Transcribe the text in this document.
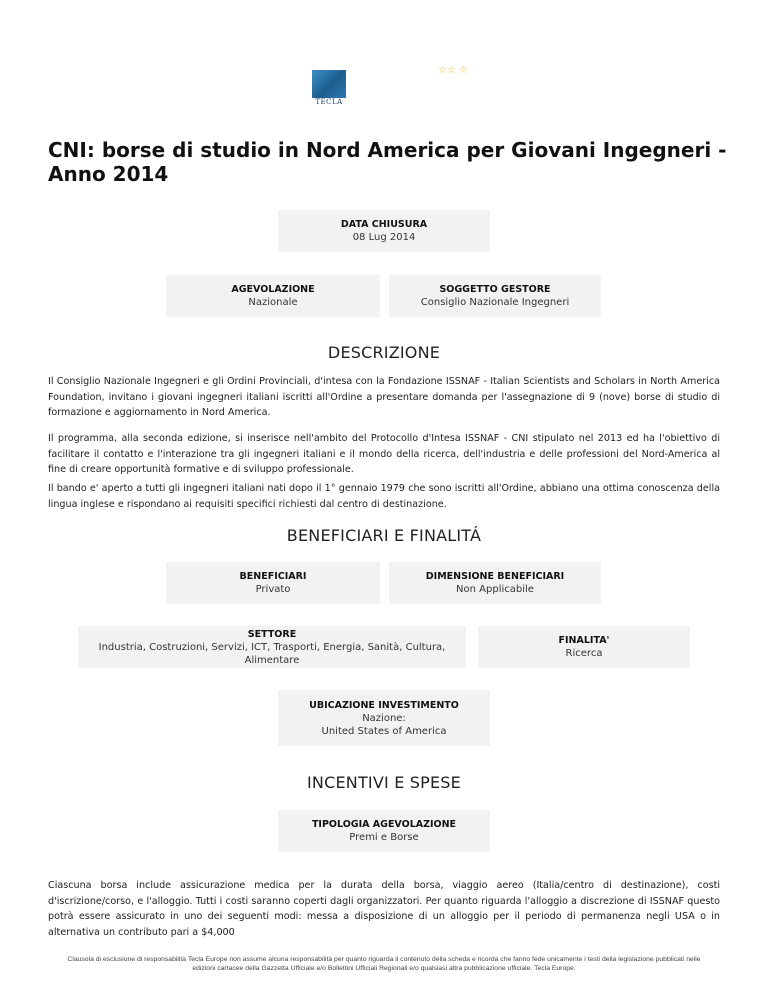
TECLA
☆☆ ☆
CNI: borse di studio in Nord America per Giovani Ingegneri - Anno 2014
DATA CHIUSURA
08 Lug 2014
AGEVOLAZIONE
Nazionale
SOGGETTO GESTORE
Consiglio Nazionale Ingegneri
DESCRIZIONE
Il Consiglio Nazionale Ingegneri e gli Ordini Provinciali, d'intesa con la Fondazione ISSNAF - Italian Scientists and Scholars in North America Foundation, invitano i giovani ingegneri italiani iscritti all'Ordine a presentare domanda per l'assegnazione di 9 (nove) borse di studio di formazione e aggiornamento in Nord America.
Il programma, alla seconda edizione, si inserisce nell'ambito del Protocollo d'Intesa ISSNAF - CNI stipulato nel 2013 ed ha l'obiettivo di facilitare il contatto e l'interazione tra gli ingegneri italiani e il mondo della ricerca, dell'industria e delle professioni del Nord-America al fine di creare opportunità formative e di sviluppo professionale.
Il bando e' aperto a tutti gli ingegneri italiani nati dopo il 1° gennaio 1979 che sono iscritti all'Ordine, abbiano una ottima conoscenza della lingua inglese e rispondano ai requisiti specifici richiesti dal centro di destinazione.
BENEFICIARI E FINALITÁ
BENEFICIARI
Privato
DIMENSIONE BENEFICIARI
Non Applicabile
SETTORE
Industria, Costruzioni, Servizi, ICT, Trasporti, Energia, Sanità, Cultura, Alimentare
FINALITA'
Ricerca
UBICAZIONE INVESTIMENTO
Nazione:
United States of America
INCENTIVI E SPESE
TIPOLOGIA AGEVOLAZIONE
Premi e Borse
Ciascuna borsa include assicurazione medica per la durata della borsa, viaggio aereo (Italia/centro di destinazione), costi d'iscrizione/corso, e l'alloggio. Tutti i costi saranno coperti dagli organizzatori. Per quanto riguarda l'alloggio a discrezione di ISSNAF questo potrà essere assicurato in uno dei seguenti modi: messa a disposizione di un alloggio per il periodo di permanenza negli USA o in alternativa un contributo pari a $4,000
Clausola di esclusione di responsabilità Tecla Europe non assume alcuna responsabilità per quanto riguarda il contenuto della scheda e ricorda che fanno fede unicamente i testi della legislazione pubblicati nelle edizioni cartacee della Gazzetta Ufficiale e/o Bollettini Ufficiali Regionali e/o qualsiasi altra pubblicazione ufficiale. Tecla Europe.
